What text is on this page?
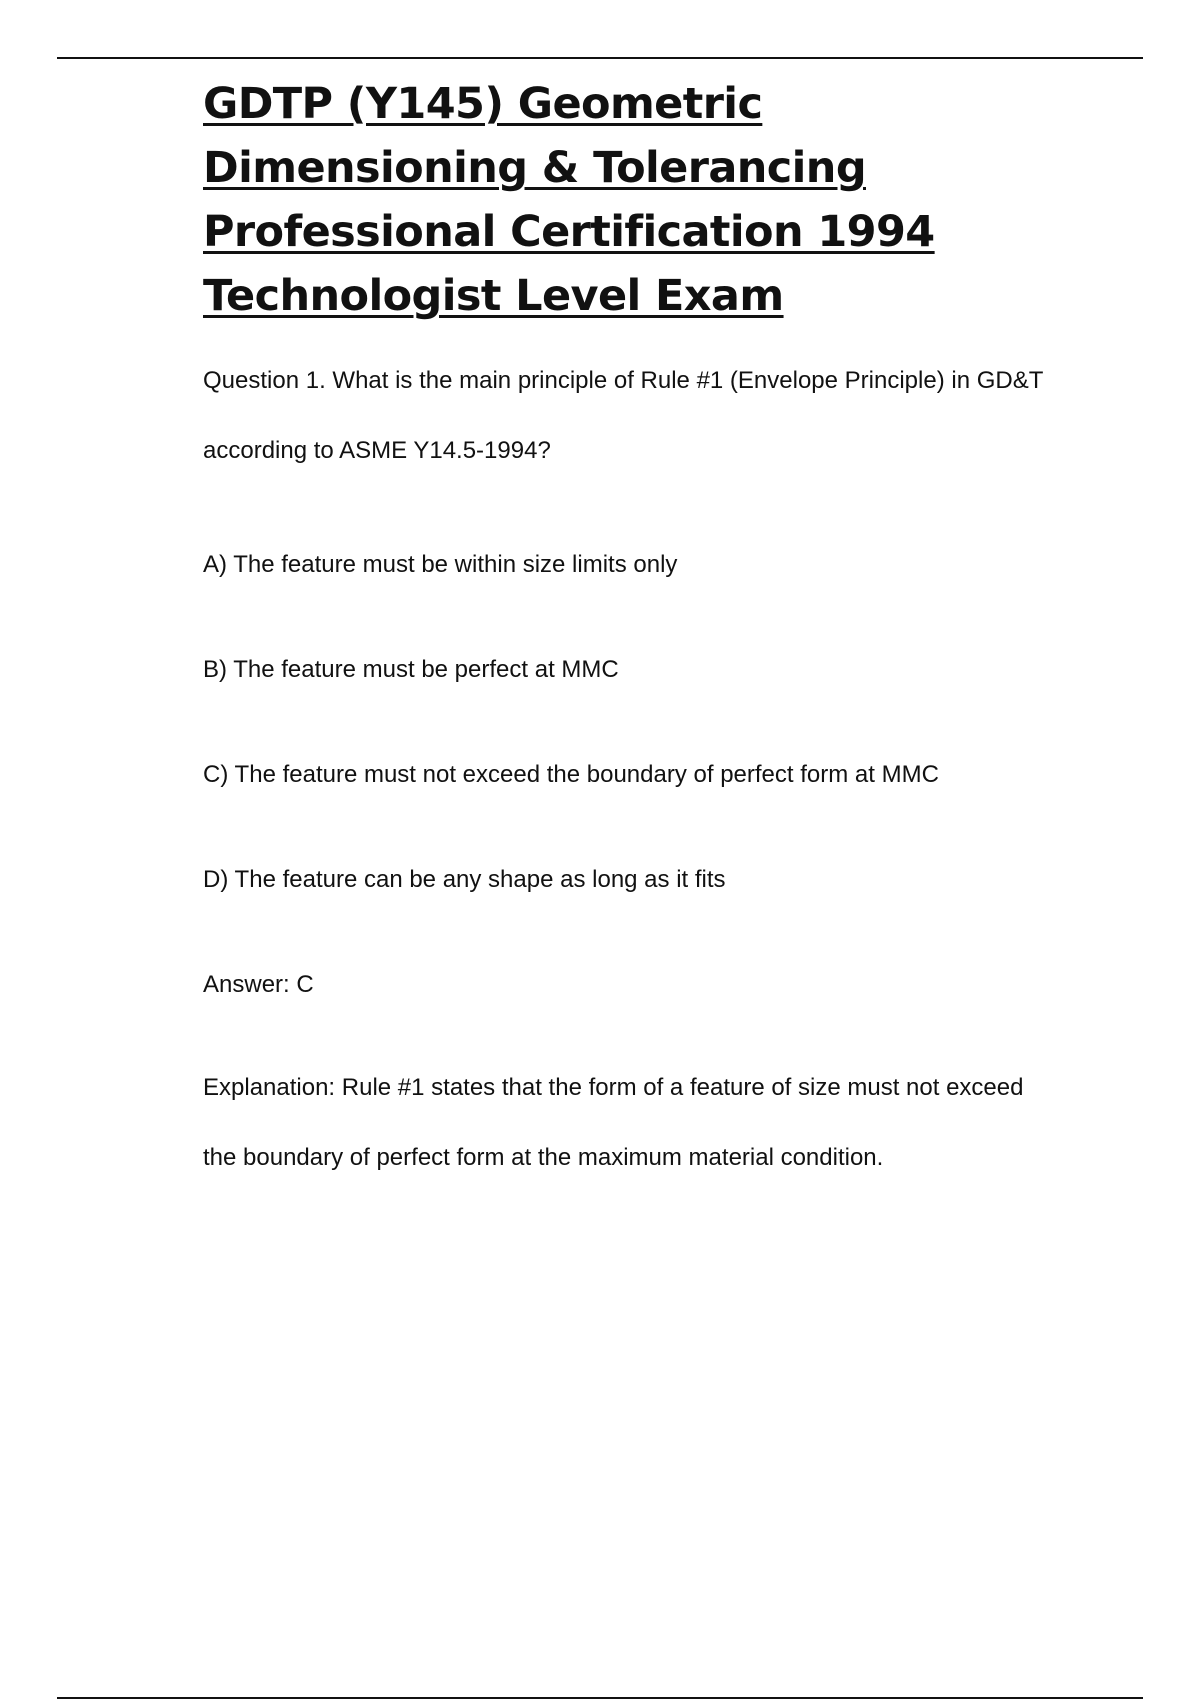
GDTP (Y145) Geometric Dimensioning & Tolerancing Professional Certification 1994 Technologist Level Exam

Question 1. What is the main principle of Rule #1 (Envelope Principle) in GD&T according to ASME Y14.5-1994?

A) The feature must be within size limits only

B) The feature must be perfect at MMC

C) The feature must not exceed the boundary of perfect form at MMC

D) The feature can be any shape as long as it fits

Answer: C

Explanation: Rule #1 states that the form of a feature of size must not exceed the boundary of perfect form at the maximum material condition.
